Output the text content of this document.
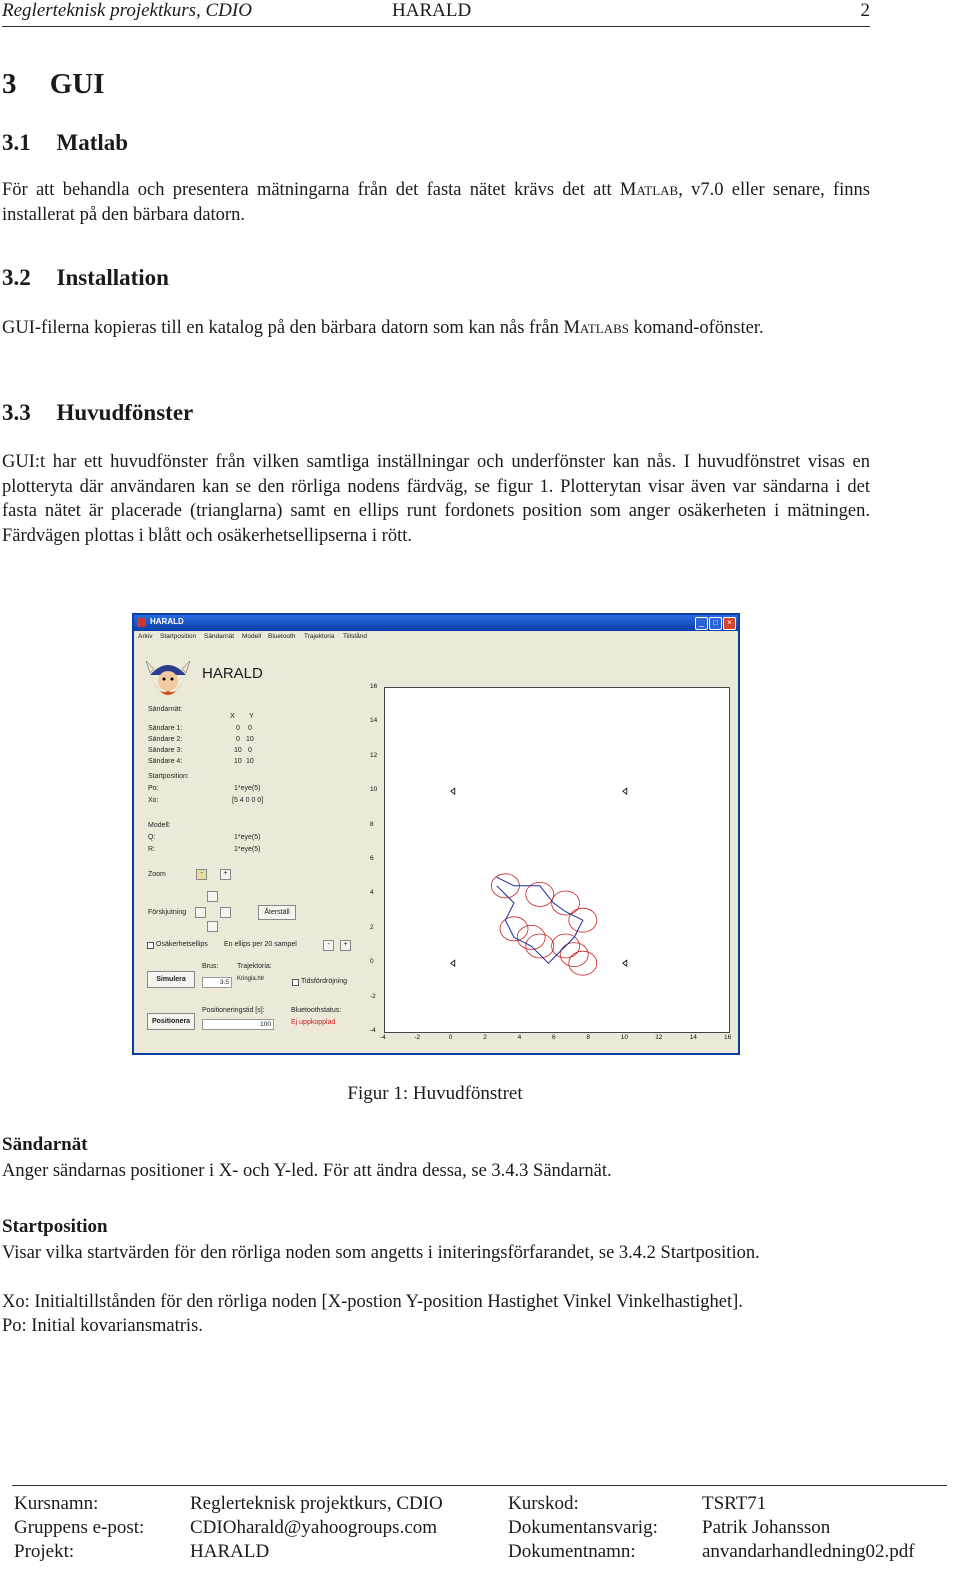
Reglerteknisk projektkurs, CDIO	HARALD	2
3 GUI
3.1 Matlab
För att behandla och presentera mätningarna från det fasta nätet krävs det att Matlab, v7.0 eller senare, finns installerat på den bärbara datorn.
3.2 Installation
GUI-filerna kopieras till en katalog på den bärbara datorn som kan nås från Matlabs komand-ofönster.
3.3 Huvudfönster
GUI:t har ett huvudfönster från vilken samtliga inställningar och underfönster kan nås. I huvudfönstret visas en plotteryta där användaren kan se den rörliga nodens färdväg, se figur 1. Plotterytan visar även var sändarna i det fasta nätet är placerade (trianglarna) samt en ellips runt fordonets position som anger osäkerheten i mätningen. Färdvägen plottas i blått och osäkerhetsellipserna i rött.
HARALD	_	□	×
Arkiv Startposition Sändarnät Modell Bluetooth Trajektoria Tillstånd
HARALD
Sändarnät:
X Y
Sändare 1:	0 0
Sändare 2:	0 10
Sändare 3:	10 0
Sändare 4:	10 10
Startposition:
Po:	1*eye(5)
Xo:	[5 4 0 0 0]
Modell:
Q:	1*eye(5)
R:	1*eye(5)
Zoom	-	+
Förskjutning	Återställ
Osäkerhetsellips En ellips per 20 sampel	-	+
Simulera
Brus:
3.5
Trajektoria:
Kringla.htr	Tidsfördröjning
Positionera
Positioneringstid [s]:
100
Bluetoothstatus:
Ej uppkopplad
16
14
12
10
8
6
4
2
0
-2
-4
-4	-2	0	2	4	6	8	10	12	14	16
Figur 1: Huvudfönstret
Sändarnät
Anger sändarnas positioner i X- och Y-led. För att ändra dessa, se 3.4.3 Sändarnät.
Startposition
Visar vilka startvärden för den rörliga noden som angetts i initeringsförfarandet, se 3.4.2 Startposition.
Xo: Initialtillstånden för den rörliga noden [X-postion Y-position Hastighet Vinkel Vinkelhastighet].
Po: Initial kovariansmatris.
Kursnamn:	Reglerteknisk projektkurs, CDIO	Kurskod:	TSRT71
Gruppens e-post: CDIOharald@yahoogroups.com	Dokumentansvarig: Patrik Johansson
Projekt:	HARALD	Dokumentnamn:	anvandarhandledning02.pdf
